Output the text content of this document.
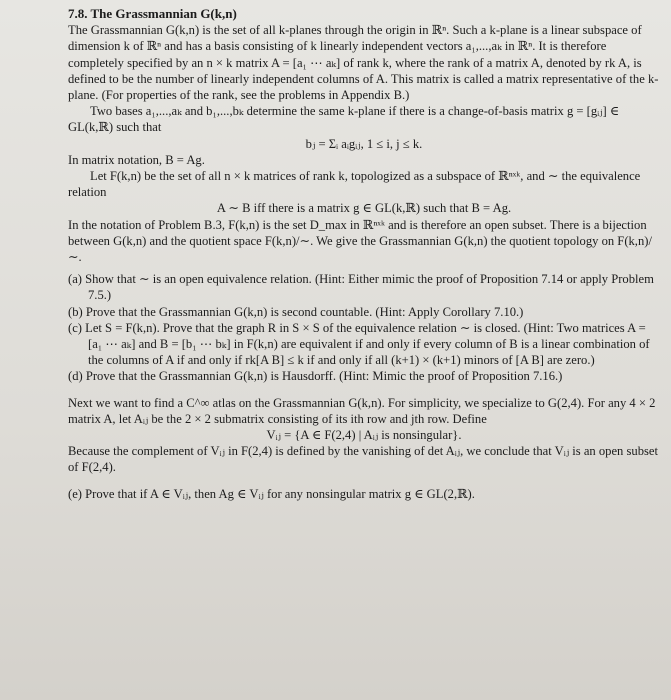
7.8. The Grassmannian G(k,n)

The Grassmannian G(k,n) is the set of all k-planes through the origin in ℝⁿ. Such a k-plane is a linear subspace of dimension k of ℝⁿ and has a basis consisting of k linearly independent vectors a₁,...,aₖ in ℝⁿ. It is therefore completely specified by an n × k matrix A = [a₁ ⋯ aₖ] of rank k, where the rank of a matrix A, denoted by rk A, is defined to be the number of linearly independent columns of A. This matrix is called a matrix representative of the k-plane. (For properties of the rank, see the problems in Appendix B.)

Two bases a₁,...,aₖ and b₁,...,bₖ determine the same k-plane if there is a change-of-basis matrix g = [gᵢⱼ] ∈ GL(k,ℝ) such that

bⱼ = Σᵢ aᵢgᵢⱼ, 1 ≤ i, j ≤ k.

In matrix notation, B = Ag.

Let F(k,n) be the set of all n × k matrices of rank k, topologized as a subspace of ℝⁿˣᵏ, and ∼ the equivalence relation

A ∼ B iff there is a matrix g ∈ GL(k,ℝ) such that B = Ag.

In the notation of Problem B.3, F(k,n) is the set D_max in ℝⁿˣᵏ and is therefore an open subset. There is a bijection between G(k,n) and the quotient space F(k,n)/∼. We give the Grassmannian G(k,n) the quotient topology on F(k,n)/∼.

(a) Show that ∼ is an open equivalence relation. (Hint: Either mimic the proof of Proposition 7.14 or apply Problem 7.5.)

(b) Prove that the Grassmannian G(k,n) is second countable. (Hint: Apply Corollary 7.10.)

(c) Let S = F(k,n). Prove that the graph R in S × S of the equivalence relation ∼ is closed. (Hint: Two matrices A = [a₁ ⋯ aₖ] and B = [b₁ ⋯ bₖ] in F(k,n) are equivalent if and only if every column of B is a linear combination of the columns of A if and only if rk[A B] ≤ k if and only if all (k+1) × (k+1) minors of [A B] are zero.)

(d) Prove that the Grassmannian G(k,n) is Hausdorff. (Hint: Mimic the proof of Proposition 7.16.)

Next we want to find a C^∞ atlas on the Grassmannian G(k,n). For simplicity, we specialize to G(2,4). For any 4 × 2 matrix A, let Aᵢⱼ be the 2 × 2 submatrix consisting of its ith row and jth row. Define

Vᵢⱼ = {A ∈ F(2,4) | Aᵢⱼ is nonsingular}.

Because the complement of Vᵢⱼ in F(2,4) is defined by the vanishing of det Aᵢⱼ, we conclude that Vᵢⱼ is an open subset of F(2,4).

(e) Prove that if A ∈ Vᵢⱼ, then Ag ∈ Vᵢⱼ for any nonsingular matrix g ∈ GL(2,ℝ).
